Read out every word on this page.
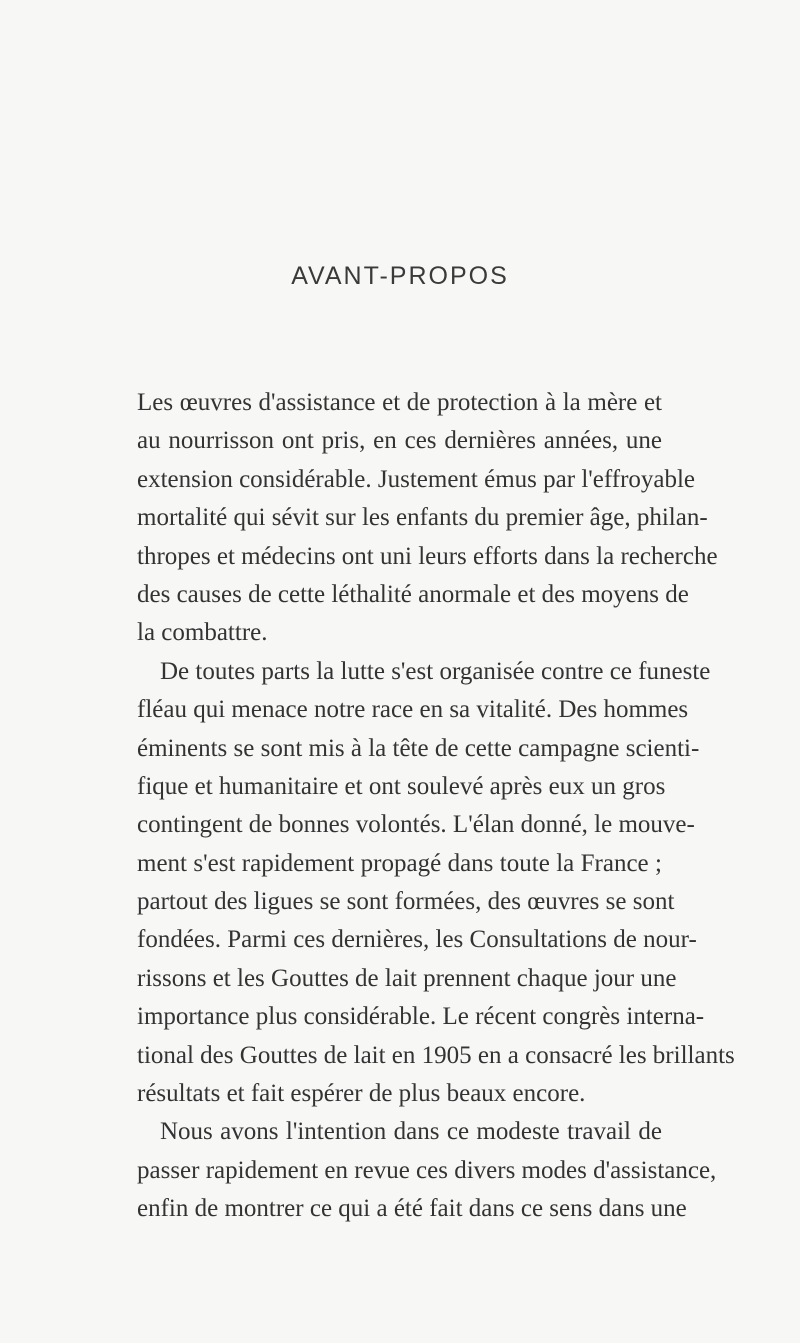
AVANT-PROPOS
Les œuvres d'assistance et de protection à la mère et
au nourrisson ont pris, en ces dernières années, une
extension considérable. Justement émus par l'effroyable
mortalité qui sévit sur les enfants du premier âge, philan-
thropes et médecins ont uni leurs efforts dans la recherche
des causes de cette léthalité anormale et des moyens de
la combattre.
De toutes parts la lutte s'est organisée contre ce funeste
fléau qui menace notre race en sa vitalité. Des hommes
éminents se sont mis à la tête de cette campagne scienti-
fique et humanitaire et ont soulevé après eux un gros
contingent de bonnes volontés. L'élan donné, le mouve-
ment s'est rapidement propagé dans toute la France ;
partout des ligues se sont formées, des œuvres se sont
fondées. Parmi ces dernières, les Consultations de nour-
rissons et les Gouttes de lait prennent chaque jour une
importance plus considérable. Le récent congrès interna-
tional des Gouttes de lait en 1905 en a consacré les brillants
résultats et fait espérer de plus beaux encore.
Nous avons l'intention dans ce modeste travail de
passer rapidement en revue ces divers modes d'assistance,
enfin de montrer ce qui a été fait dans ce sens dans une
